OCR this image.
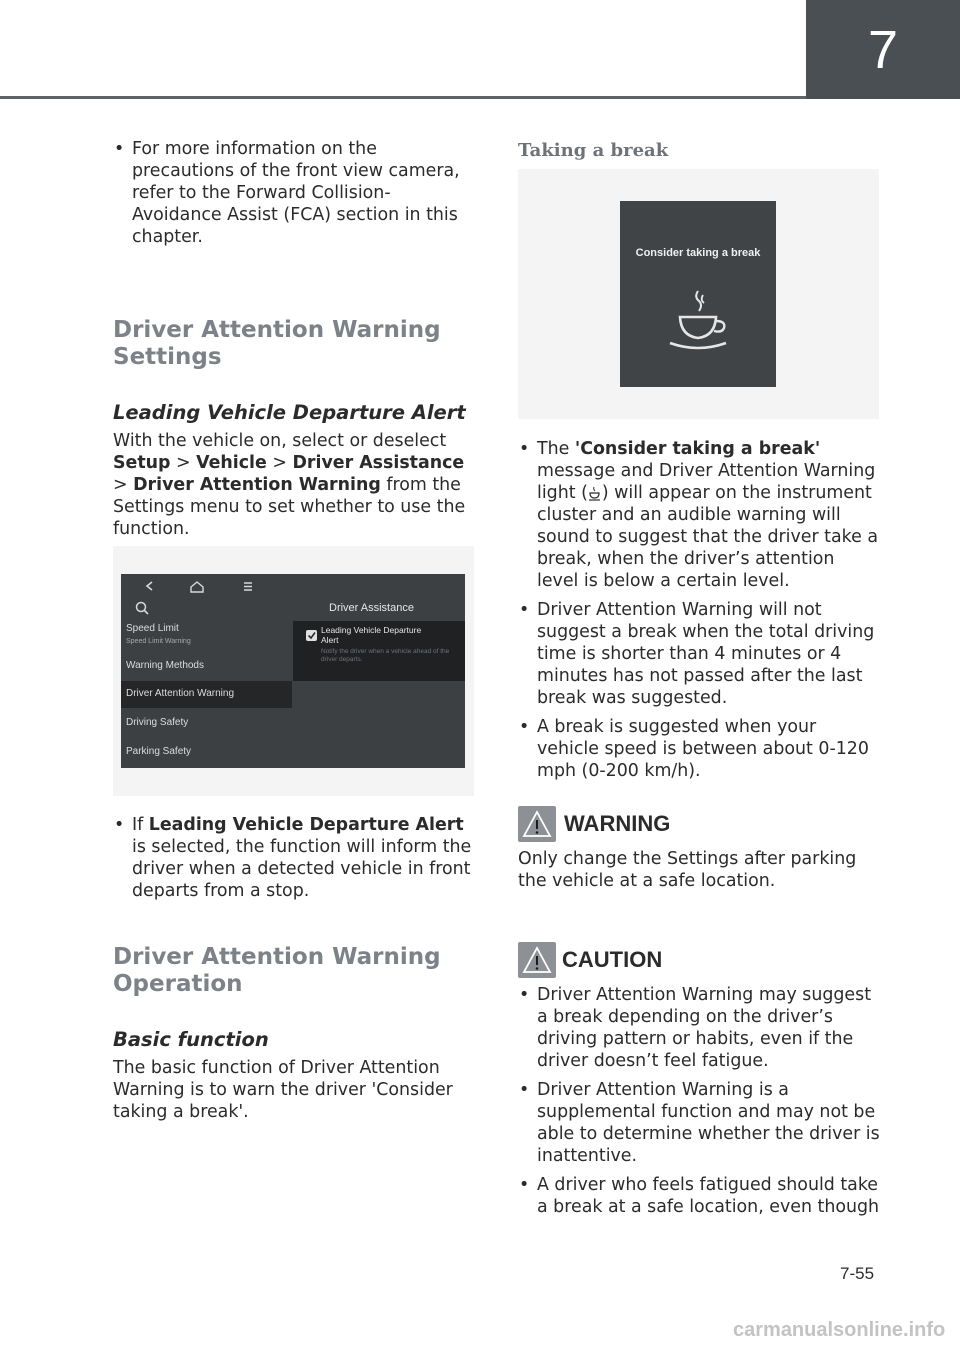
7
• For more information on the precautions of the front view camera, refer to the Forward Collision-Avoidance Assist (FCA) section in this chapter.
Driver Attention Warning
Settings
Leading Vehicle Departure Alert
With the vehicle on, select or deselect Setup > Vehicle > Driver Assistance > Driver Attention Warning from the Settings menu to set whether to use the function.
Driver Assistance
Speed Limit
Speed Limit Warning
Warning Methods
Driver Attention Warning
Driving Safety
Parking Safety
Leading Vehicle Departure
Alert
Notify the driver when a vehicle ahead of the driver departs.
• If Leading Vehicle Departure Alert is selected, the function will inform the driver when a detected vehicle in front departs from a stop.
Driver Attention Warning
Operation
Basic function
The basic function of Driver Attention Warning is to warn the driver 'Consider taking a break'.
Taking a break
Consider taking a break
• The 'Consider taking a break' message and Driver Attention Warning light ( ) will appear on the instrument cluster and an audible warning will sound to suggest that the driver take a break, when the driver’s attention level is below a certain level.
• Driver Attention Warning will not suggest a break when the total driving time is shorter than 4 minutes or 4 minutes has not passed after the last break was suggested.
• A break is suggested when your vehicle speed is between about 0-120 mph (0-200 km/h).
WARNING
Only change the Settings after parking the vehicle at a safe location.
CAUTION
• Driver Attention Warning may suggest a break depending on the driver’s driving pattern or habits, even if the driver doesn’t feel fatigue.
• Driver Attention Warning is a supplemental function and may not be able to determine whether the driver is inattentive.
• A driver who feels fatigued should take a break at a safe location, even though
7-55
carmanualsonline.info
